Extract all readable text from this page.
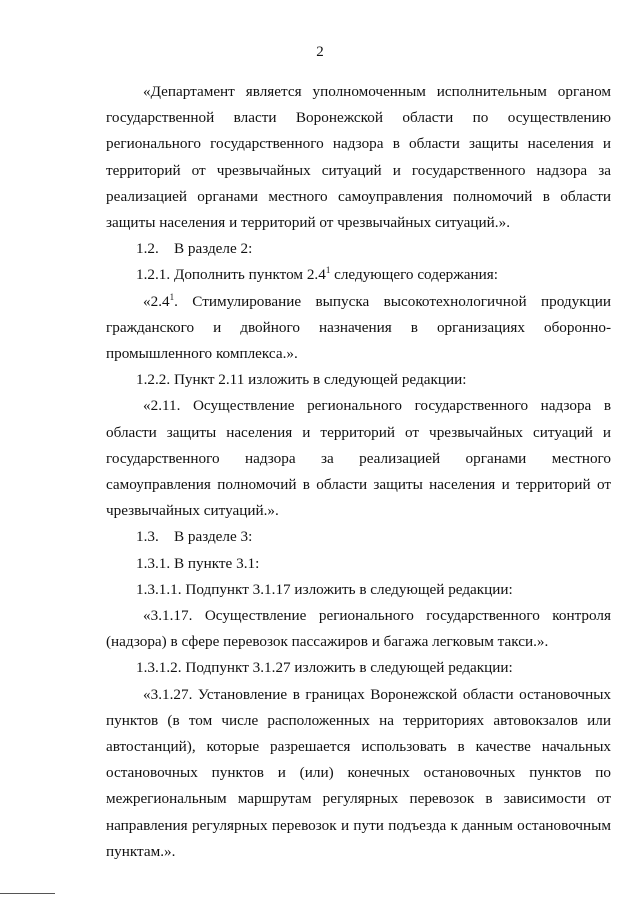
2

«Департамент является уполномоченным исполнительным органом государственной власти Воронежской области по осуществлению регионального государственного надзора в области защиты населения и территорий от чрезвычайных ситуаций и государственного надзора за реализацией органами местного самоуправления полномочий в области защиты населения и территорий от чрезвычайных ситуаций.».

1.2.    В разделе 2:

1.2.1. Дополнить пунктом $2.4^1$ следующего содержания:

«$2.4^1$. Стимулирование выпуска высокотехнологичной продукции гражданского и двойного назначения в организациях оборонно-промышленного комплекса.».

1.2.2. Пункт 2.11 изложить в следующей редакции:

«2.11. Осуществление регионального государственного надзора в области защиты населения и территорий от чрезвычайных ситуаций и государственного надзора за реализацией органами местного самоуправления полномочий в области защиты населения и территорий от чрезвычайных ситуаций.».

1.3.    В разделе 3:

1.3.1. В пункте 3.1:

1.3.1.1. Подпункт 3.1.17 изложить в следующей редакции:

«3.1.17. Осуществление регионального государственного контроля (надзора) в сфере перевозок пассажиров и багажа легковым такси.».

1.3.1.2. Подпункт 3.1.27 изложить в следующей редакции:

«3.1.27. Установление в границах Воронежской области остановочных пунктов (в том числе расположенных на территориях автовокзалов или автостанций), которые разрешается использовать в качестве начальных остановочных пунктов и (или) конечных остановочных пунктов по межрегиональным маршрутам регулярных перевозок в зависимости от направления регулярных перевозок и пути подъезда к данным остановочным пунктам.».
